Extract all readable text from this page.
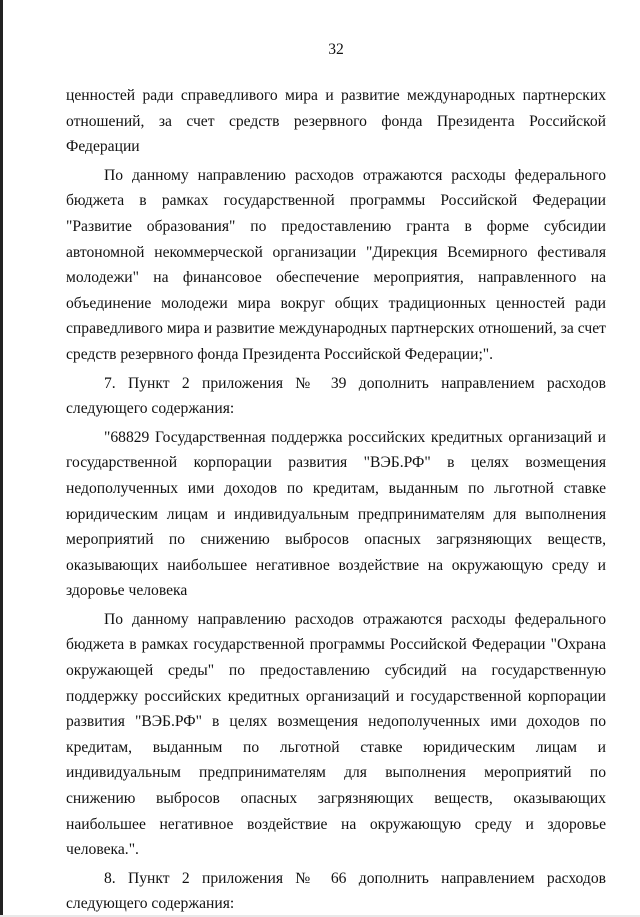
32

ценностей ради справедливого мира и развитие международных партнерских отношений, за счет средств резервного фонда Президента Российской Федерации

По данному направлению расходов отражаются расходы федерального бюджета в рамках государственной программы Российской Федерации "Развитие образования" по предоставлению гранта в форме субсидии автономной некоммерческой организации "Дирекция Всемирного фестиваля молодежи" на финансовое обеспечение мероприятия, направленного на объединение молодежи мира вокруг общих традиционных ценностей ради справедливого мира и развитие международных партнерских отношений, за счет средств резервного фонда Президента Российской Федерации;".

7. Пункт 2 приложения № 39 дополнить направлением расходов следующего содержания:

"68829 Государственная поддержка российских кредитных организаций и государственной корпорации развития "ВЭБ.РФ" в целях возмещения недополученных ими доходов по кредитам, выданным по льготной ставке юридическим лицам и индивидуальным предпринимателям для выполнения мероприятий по снижению выбросов опасных загрязняющих веществ, оказывающих наибольшее негативное воздействие на окружающую среду и здоровье человека

По данному направлению расходов отражаются расходы федерального бюджета в рамках государственной программы Российской Федерации "Охрана окружающей среды" по предоставлению субсидий на государственную поддержку российских кредитных организаций и государственной корпорации развития "ВЭБ.РФ" в целях возмещения недополученных ими доходов по кредитам, выданным по льготной ставке юридическим лицам и индивидуальным предпринимателям для выполнения мероприятий по снижению выбросов опасных загрязняющих веществ, оказывающих наибольшее негативное воздействие на окружающую среду и здоровье человека.".

8. Пункт 2 приложения № 66 дополнить направлением расходов следующего содержания:
